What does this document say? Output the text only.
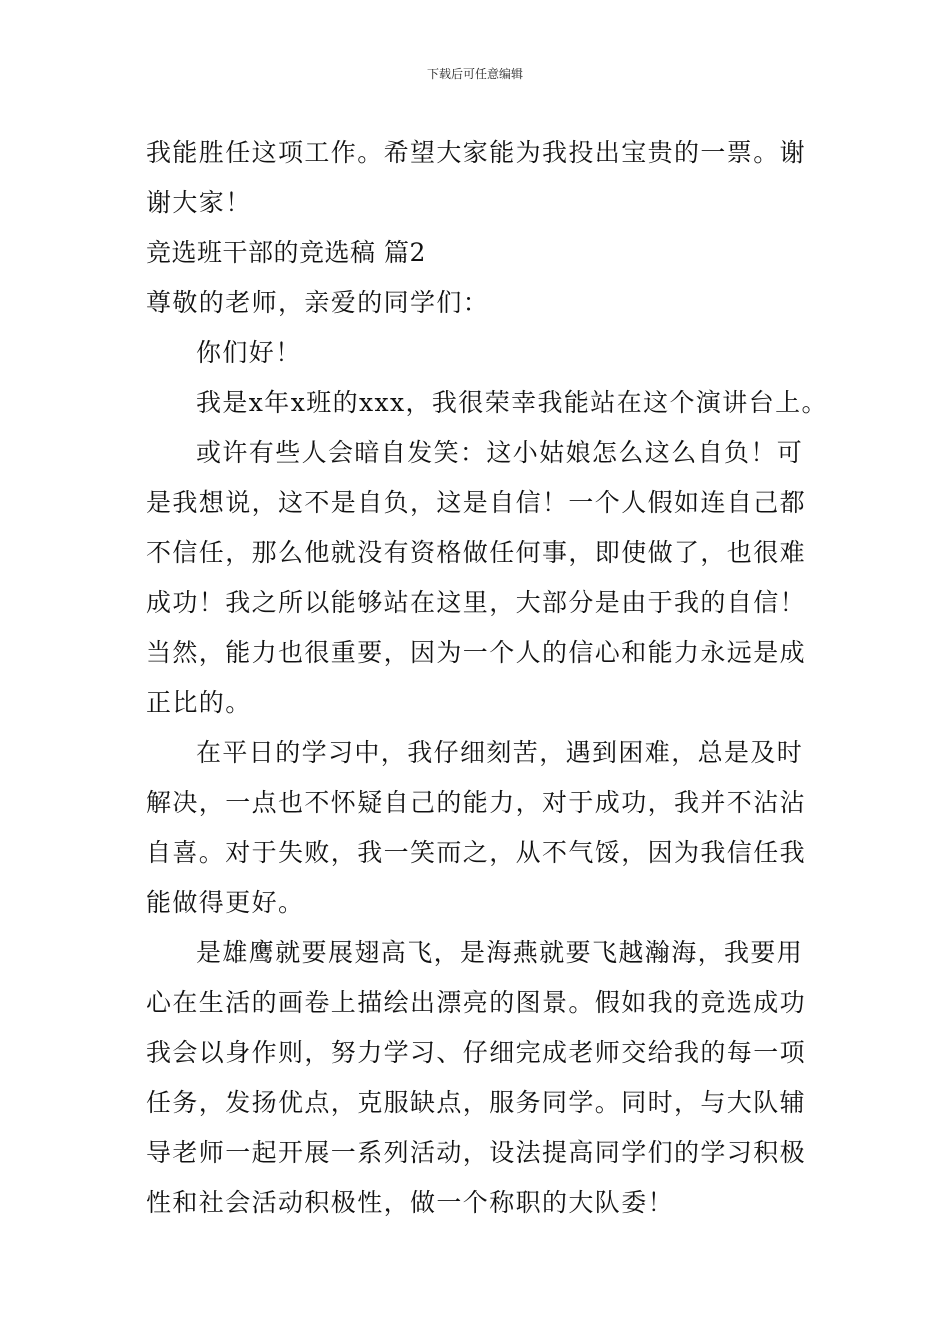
下载后可任意编辑
我能胜任这项工作。希望大家能为我投出宝贵的一票。谢
谢大家！
竞选班干部的竞选稿 篇2
尊敬的老师，亲爱的同学们：
你们好！
我是x年x班的xxx，我很荣幸我能站在这个演讲台上。
或许有些人会暗自发笑：这小姑娘怎么这么自负！可
是我想说，这不是自负，这是自信！一个人假如连自己都
不信任，那么他就没有资格做任何事，即使做了，也很难
成功！我之所以能够站在这里，大部分是由于我的自信！
当然，能力也很重要，因为一个人的信心和能力永远是成
正比的。
在平日的学习中，我仔细刻苦，遇到困难，总是及时
解决，一点也不怀疑自己的能力，对于成功，我并不沾沾
自喜。对于失败，我一笑而之，从不气馁，因为我信任我
能做得更好。
是雄鹰就要展翅高飞，是海燕就要飞越瀚海，我要用
心在生活的画卷上描绘出漂亮的图景。假如我的竞选成功
我会以身作则，努力学习、仔细完成老师交给我的每一项
任务，发扬优点，克服缺点，服务同学。同时，与大队辅
导老师一起开展一系列活动，设法提高同学们的学习积极
性和社会活动积极性，做一个称职的大队委！
